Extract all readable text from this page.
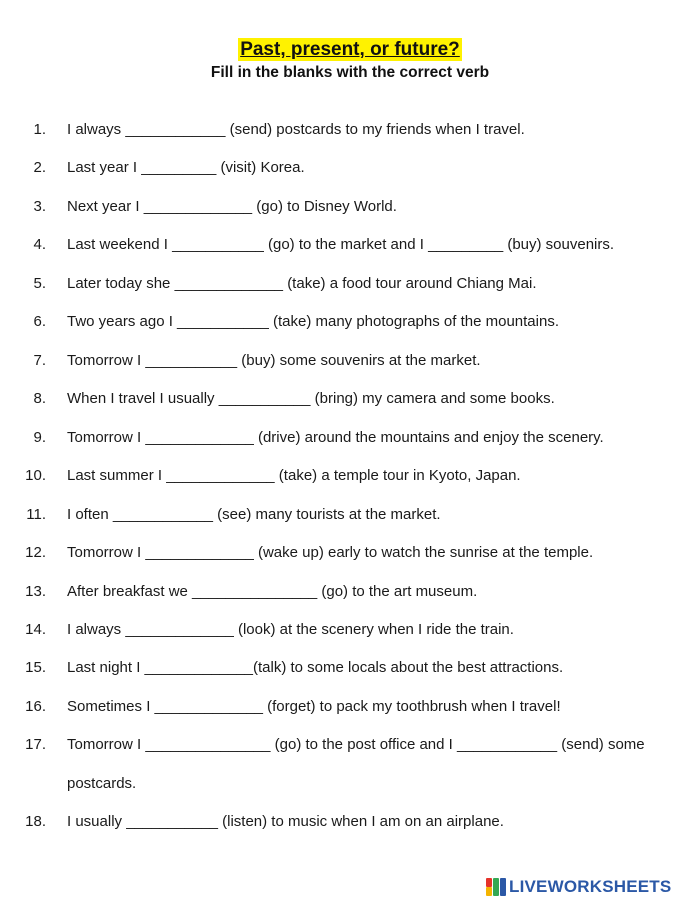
Past, present, or future?
Fill in the blanks with the correct verb
1. I always ____________ (send) postcards to my friends when I travel.
2. Last year I _________ (visit) Korea.
3. Next year I _____________ (go) to Disney World.
4. Last weekend I ___________ (go) to the market and I _________ (buy) souvenirs.
5. Later today she _____________ (take) a food tour around Chiang Mai.
6. Two years ago I ___________ (take) many photographs of the mountains.
7. Tomorrow I ___________ (buy) some souvenirs at the market.
8. When I travel I usually ___________ (bring) my camera and some books.
9. Tomorrow I _____________ (drive) around the mountains and enjoy the scenery.
10. Last summer I _____________ (take) a temple tour in Kyoto, Japan.
11. I often ____________ (see) many tourists at the market.
12. Tomorrow I _____________ (wake up) early to watch the sunrise at the temple.
13. After breakfast we _______________ (go) to the art museum.
14. I always _____________ (look) at the scenery when I ride the train.
15. Last night I _____________(talk) to some locals about the best attractions.
16. Sometimes I _____________ (forget) to pack my toothbrush when I travel!
17. Tomorrow I _______________ (go) to the post office and I ____________ (send) some
postcards.
18. I usually ___________ (listen) to music when I am on an airplane.
LIVEWORKSHEETS
